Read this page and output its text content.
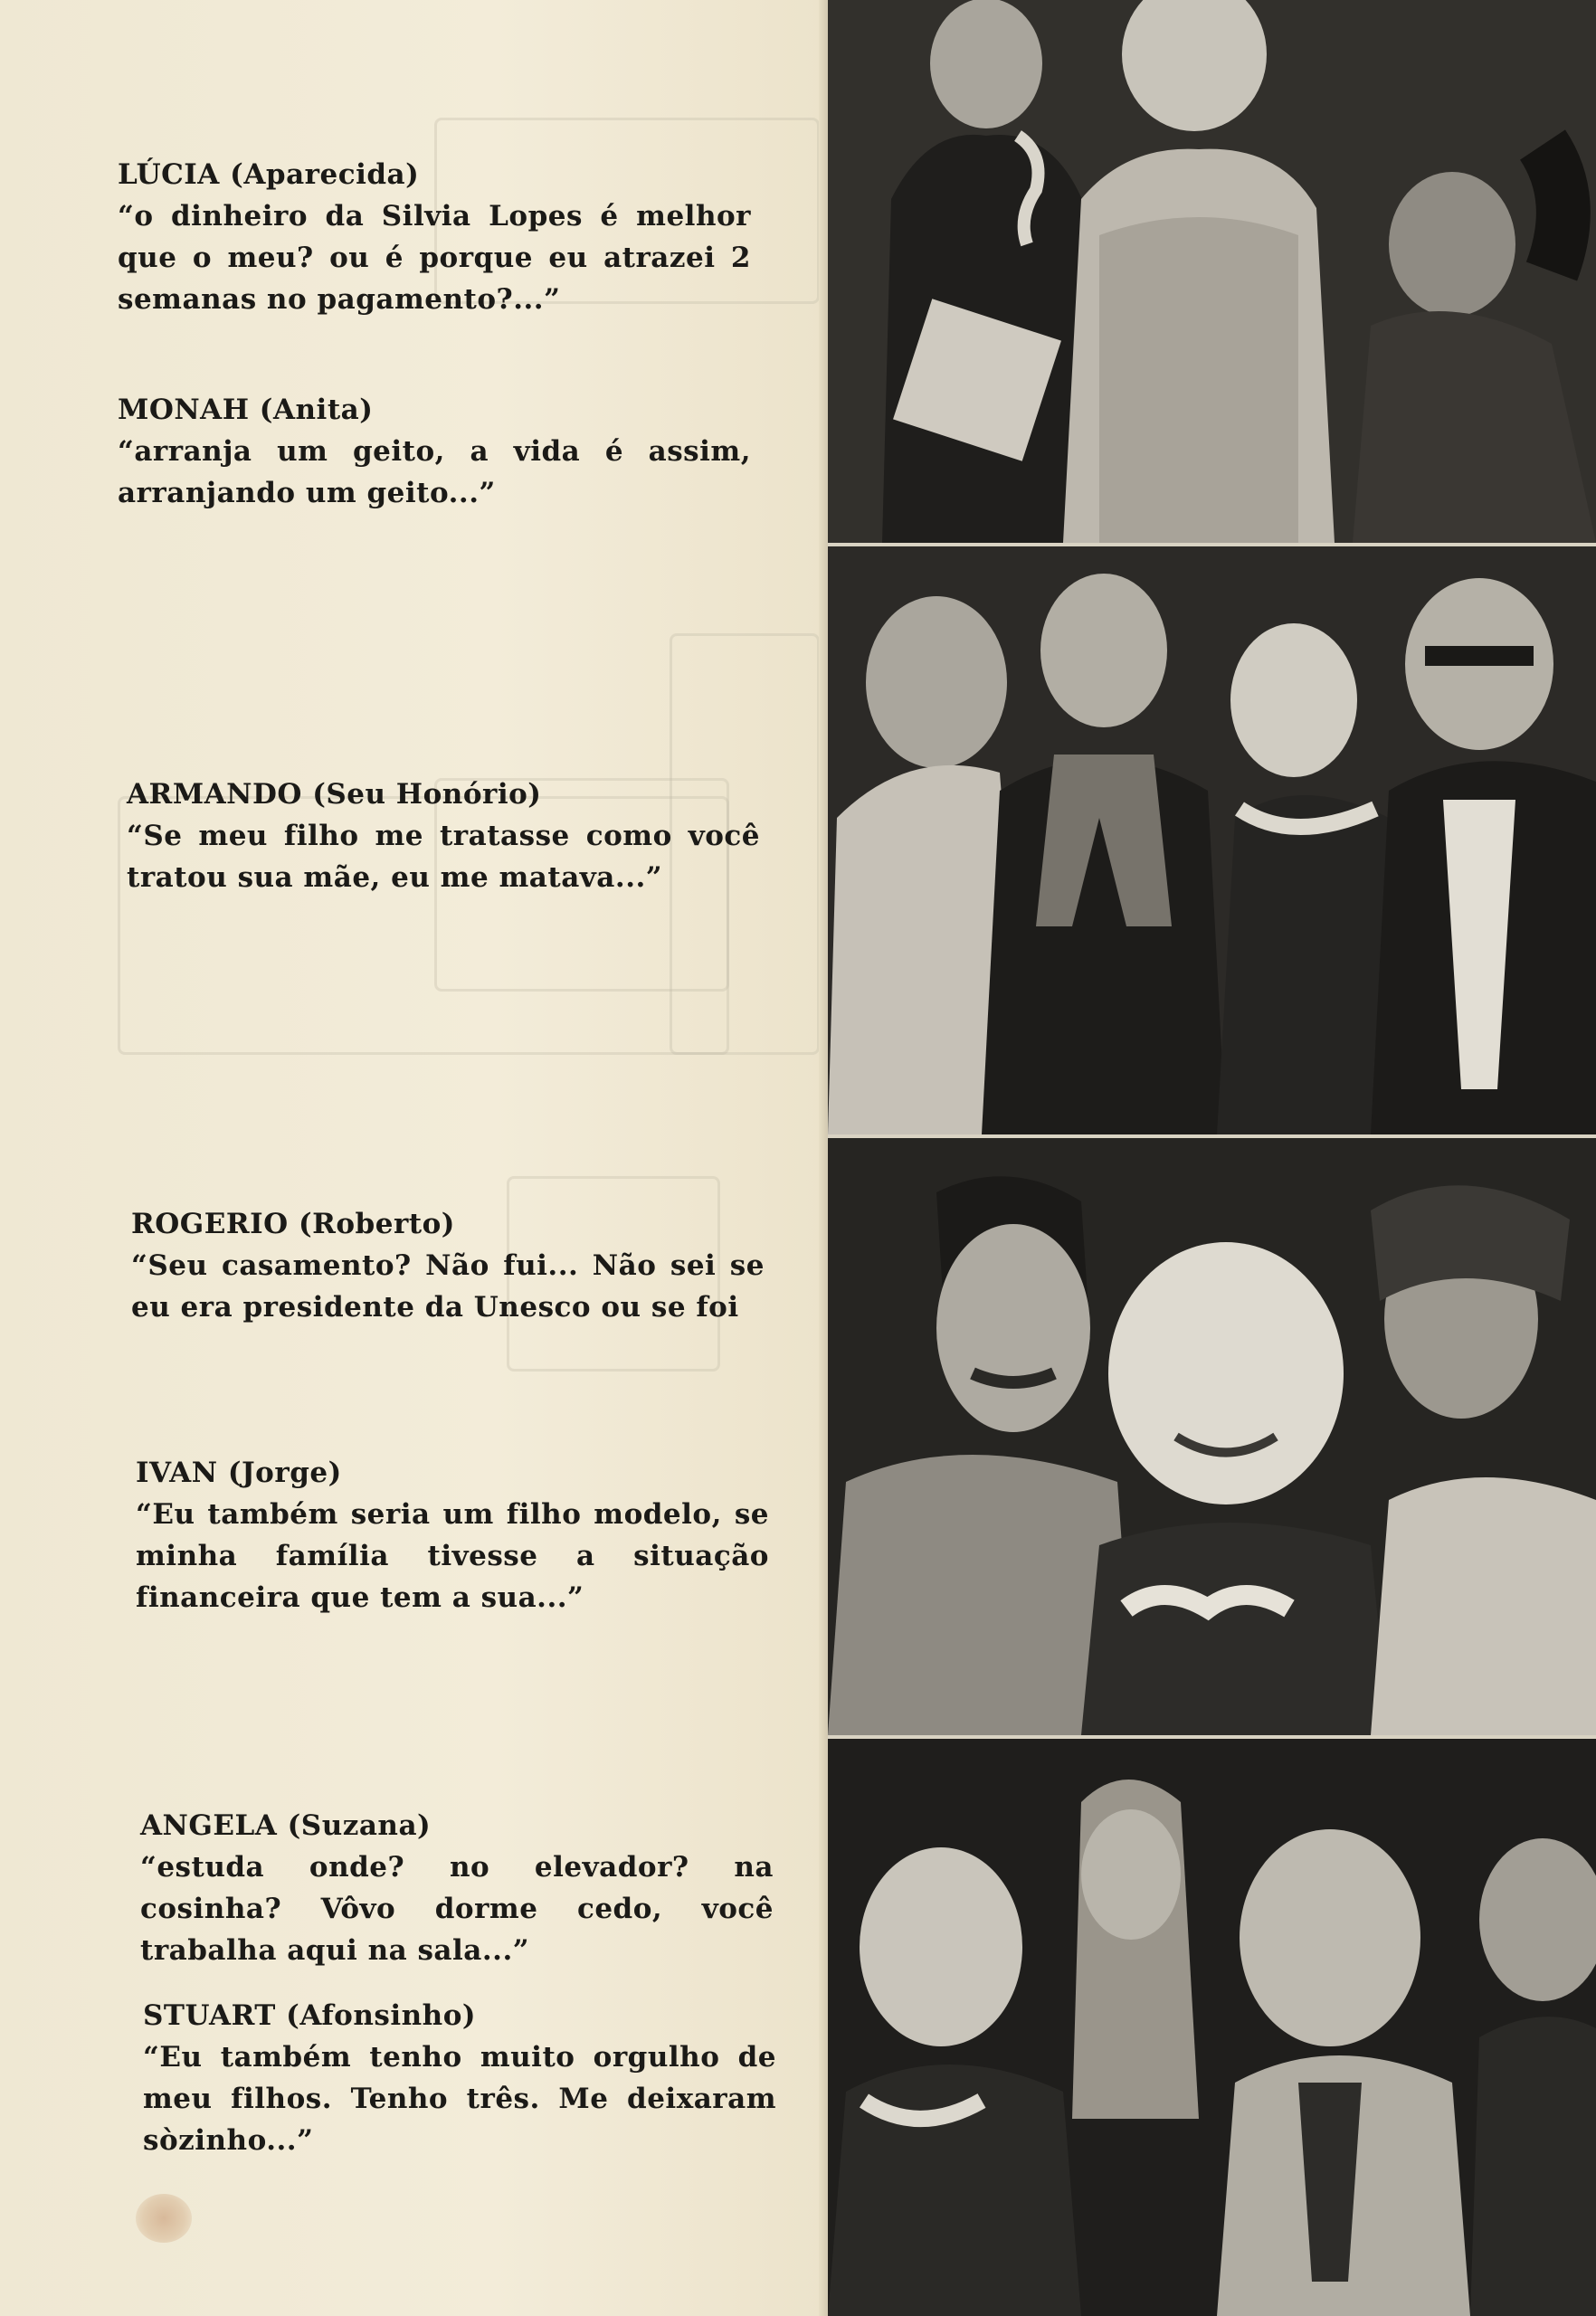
LÚCIA (Aparecida)
“o dinheiro da Silvia Lopes é melhor que o meu? ou é porque eu atrazei 2 semanas no pagamento?...”

MONAH (Anita)
“arranja um geito, a vida é assim, arranjando um geito...”

ARMANDO (Seu Honório)
“Se meu filho me tratasse como você tratou sua mãe, eu me matava...”

ROGERIO (Roberto)
“Seu casamento? Não fui... Não sei se eu era presidente da Unesco ou se foi

IVAN (Jorge)
“Eu também seria um filho modelo, se minha família tivesse a situação financeira que tem a sua...”

ANGELA (Suzana)
“estuda onde? no elevador? na cosinha? Vôvo dorme cedo, você trabalha aqui na sala...”

STUART (Afonsinho)
“Eu também tenho muito orgulho de meu filhos. Tenho três. Me deixaram sòzinho...”
